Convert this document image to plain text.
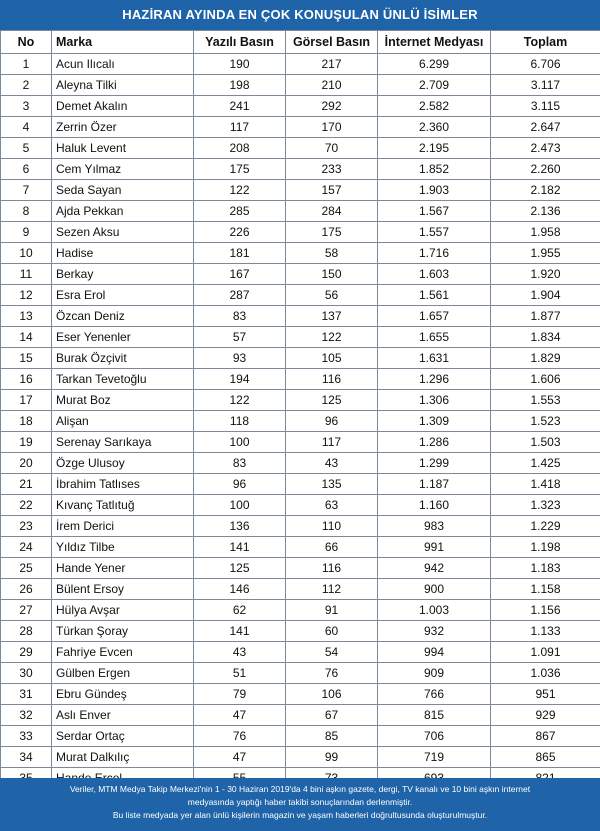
HAZİRAN AYINDA EN ÇOK KONUŞULAN ÜNLÜ İSİMLER
No	Marka	Yazılı Basın	Görsel Basın	İnternet Medyası	Toplam
1	Acun Ilıcalı	190	217	6.299	6.706
2	Aleyna Tilki	198	210	2.709	3.117
3	Demet Akalın	241	292	2.582	3.115
4	Zerrin Özer	117	170	2.360	2.647
5	Haluk Levent	208	70	2.195	2.473
6	Cem Yılmaz	175	233	1.852	2.260
7	Seda Sayan	122	157	1.903	2.182
8	Ajda Pekkan	285	284	1.567	2.136
9	Sezen Aksu	226	175	1.557	1.958
10	Hadise	181	58	1.716	1.955
11	Berkay	167	150	1.603	1.920
12	Esra Erol	287	56	1.561	1.904
13	Özcan Deniz	83	137	1.657	1.877
14	Eser Yenenler	57	122	1.655	1.834
15	Burak Özçivit	93	105	1.631	1.829
16	Tarkan Tevetoğlu	194	116	1.296	1.606
17	Murat Boz	122	125	1.306	1.553
18	Alişan	118	96	1.309	1.523
19	Serenay Sarıkaya	100	117	1.286	1.503
20	Özge Ulusoy	83	43	1.299	1.425
21	İbrahim Tatlıses	96	135	1.187	1.418
22	Kıvanç Tatlıtuğ	100	63	1.160	1.323
23	İrem Derici	136	110	983	1.229
24	Yıldız Tilbe	141	66	991	1.198
25	Hande Yener	125	116	942	1.183
26	Bülent Ersoy	146	112	900	1.158
27	Hülya Avşar	62	91	1.003	1.156
28	Türkan Şoray	141	60	932	1.133
29	Fahriye Evcen	43	54	994	1.091
30	Gülben Ergen	51	76	909	1.036
31	Ebru Gündeş	79	106	766	951
32	Aslı Enver	47	67	815	929
33	Serdar Ortaç	76	85	706	867
34	Murat Dalkılıç	47	99	719	865

Veriler, MTM Medya Takip Merkezi'nin 1 - 30 Haziran 2019'da 4 bini aşkın gazete, dergi, TV kanalı ve 10 bini aşkın internet
medyasında yaptığı haber takibi sonuçlarından derlenmiştir.
Bu liste medyada yer alan ünlü kişilerin magazin ve yaşam haberleri doğrultusunda oluşturulmuştur.
